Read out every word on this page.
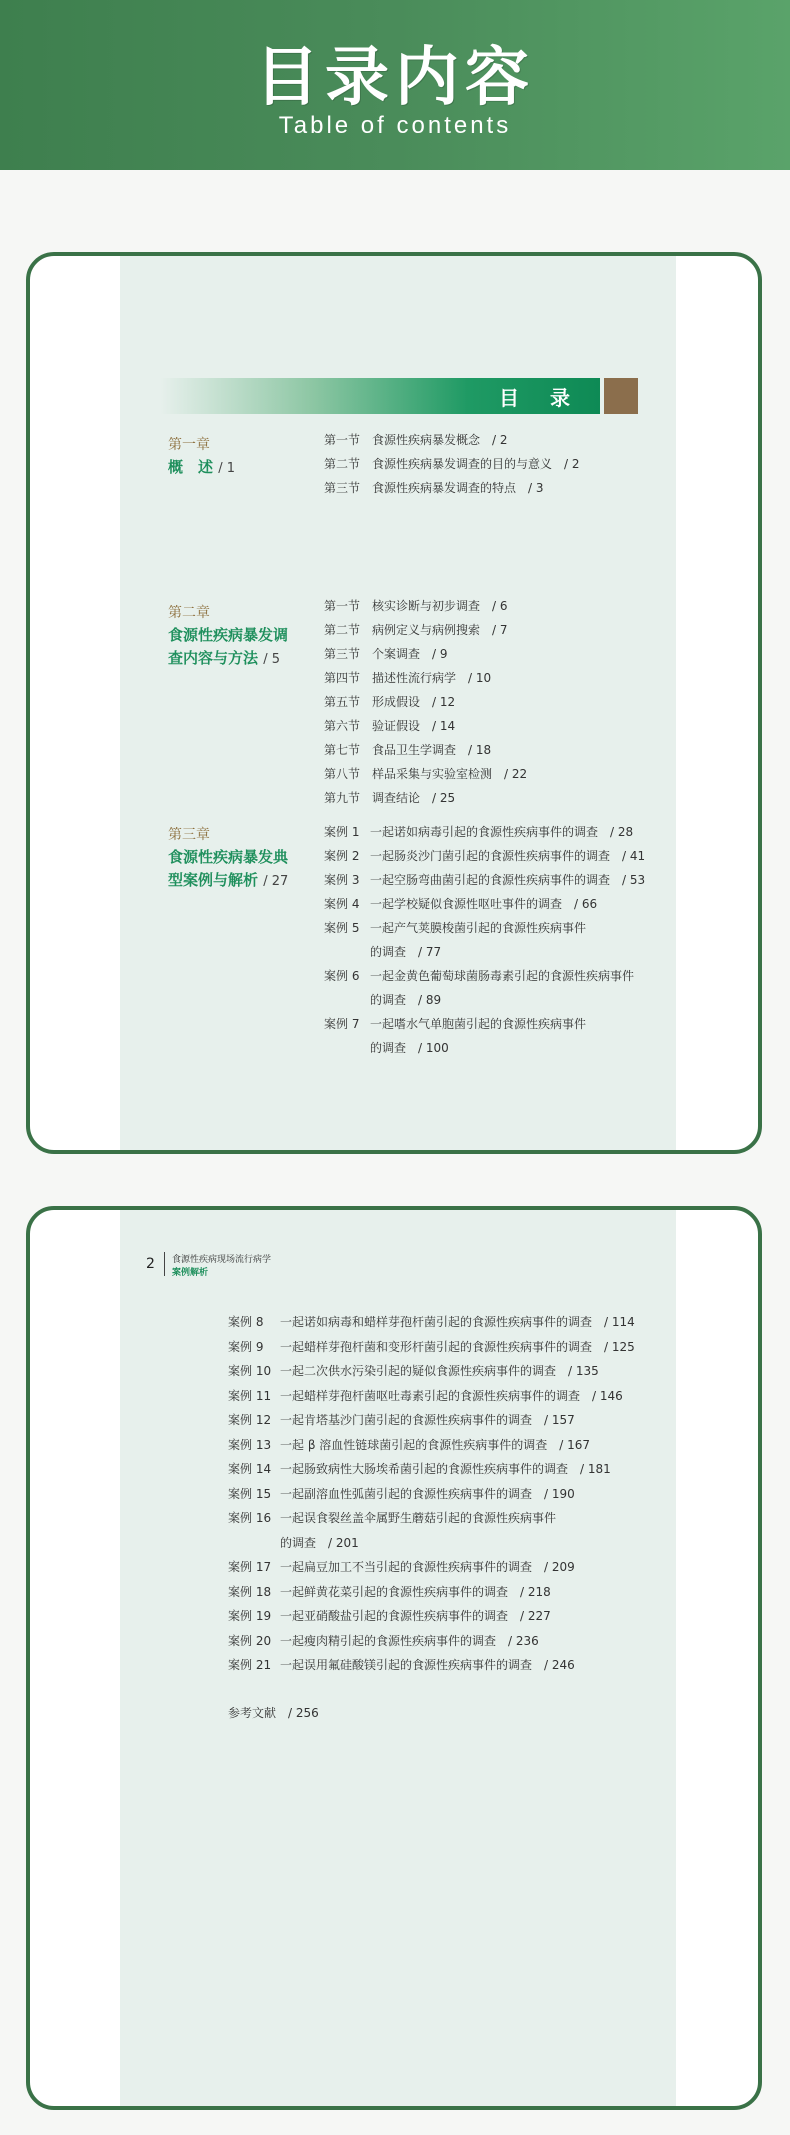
目录内容
Table of contents
目 录
第一章
概　述 / 1
第一节 食源性疾病暴发概念　/ 2
第二节 食源性疾病暴发调查的目的与意义　/ 2
第三节 食源性疾病暴发调查的特点　/ 3
第二章
食源性疾病暴发调查内容与方法 / 5
第一节 核实诊断与初步调查　/ 6
第二节 病例定义与病例搜索　/ 7
第三节 个案调查　/ 9
第四节 描述性流行病学　/ 10
第五节 形成假设　/ 12
第六节 验证假设　/ 14
第七节 食品卫生学调查　/ 18
第八节 样品采集与实验室检测　/ 22
第九节 调查结论　/ 25
第三章
食源性疾病暴发典型案例与解析 / 27
案例 1 一起诺如病毒引起的食源性疾病事件的调查　/ 28
案例 2 一起肠炎沙门菌引起的食源性疾病事件的调查　/ 41
案例 3 一起空肠弯曲菌引起的食源性疾病事件的调查　/ 53
案例 4 一起学校疑似食源性呕吐事件的调查　/ 66
案例 5 一起产气荚膜梭菌引起的食源性疾病事件
的调查　/ 77
案例 6 一起金黄色葡萄球菌肠毒素引起的食源性疾病事件
的调查　/ 89
案例 7 一起嗜水气单胞菌引起的食源性疾病事件
的调查　/ 100
2 食源性疾病现场流行病学
案例解析
案例 8 一起诺如病毒和蜡样芽孢杆菌引起的食源性疾病事件的调查　/ 114
案例 9 一起蜡样芽孢杆菌和变形杆菌引起的食源性疾病事件的调查　/ 125
案例 10 一起二次供水污染引起的疑似食源性疾病事件的调查　/ 135
案例 11 一起蜡样芽孢杆菌呕吐毒素引起的食源性疾病事件的调查　/ 146
案例 12 一起肯塔基沙门菌引起的食源性疾病事件的调查　/ 157
案例 13 一起 β 溶血性链球菌引起的食源性疾病事件的调查　/ 167
案例 14 一起肠致病性大肠埃希菌引起的食源性疾病事件的调查　/ 181
案例 15 一起副溶血性弧菌引起的食源性疾病事件的调查　/ 190
案例 16 一起误食裂丝盖伞属野生蘑菇引起的食源性疾病事件
的调查　/ 201
案例 17 一起扁豆加工不当引起的食源性疾病事件的调查　/ 209
案例 18 一起鲜黄花菜引起的食源性疾病事件的调查　/ 218
案例 19 一起亚硝酸盐引起的食源性疾病事件的调查　/ 227
案例 20 一起瘦肉精引起的食源性疾病事件的调查　/ 236
案例 21 一起误用氟硅酸镁引起的食源性疾病事件的调查　/ 246
参考文献　/ 256
